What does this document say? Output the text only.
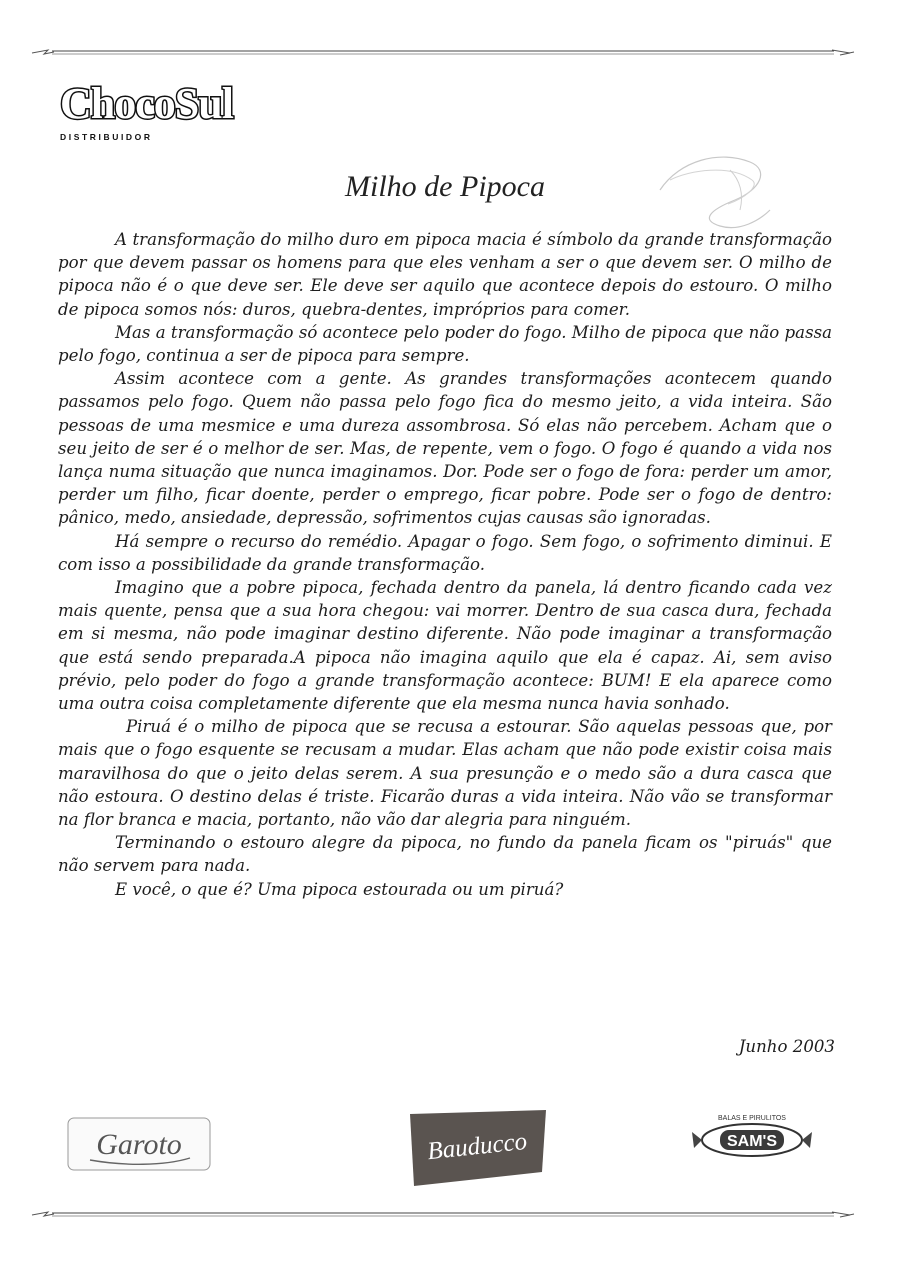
ChocoSul
DISTRIBUIDOR
Milho de Pipoca

A transformação do milho duro em pipoca macia é símbolo da grande transformação por que devem passar os homens para que eles venham a ser o que devem ser. O milho de pipoca não é o que deve ser. Ele deve ser aquilo que acontece depois do estouro. O milho de pipoca somos nós: duros, quebra-dentes, impróprios para comer.

Mas a transformação só acontece pelo poder do fogo. Milho de pipoca que não passa pelo fogo, continua a ser de pipoca para sempre.

Assim acontece com a gente. As grandes transformações acontecem quando passamos pelo fogo. Quem não passa pelo fogo fica do mesmo jeito, a vida inteira. São pessoas de uma mesmice e uma dureza assombrosa. Só elas não percebem. Acham que o seu jeito de ser é o melhor de ser. Mas, de repente, vem o fogo. O fogo é quando a vida nos lança numa situação que nunca imaginamos. Dor. Pode ser o fogo de fora: perder um amor, perder um filho, ficar doente, perder o emprego, ficar pobre. Pode ser o fogo de dentro: pânico, medo, ansiedade, depressão, sofrimentos cujas causas são ignoradas.

Há sempre o recurso do remédio. Apagar o fogo. Sem fogo, o sofrimento diminui. E com isso a possibilidade da grande transformação.

Imagino que a pobre pipoca, fechada dentro da panela, lá dentro ficando cada vez mais quente, pensa que a sua hora chegou: vai morrer. Dentro de sua casca dura, fechada em si mesma, não pode imaginar destino diferente. Não pode imaginar a transformação que está sendo preparada.A pipoca não imagina aquilo que ela é capaz. Ai, sem aviso prévio, pelo poder do fogo a grande transformação acontece: BUM! E ela aparece como uma outra coisa completamente diferente que ela mesma nunca havia sonhado.

Piruá é o milho de pipoca que se recusa a estourar. São aquelas pessoas que, por mais que o fogo esquente se recusam a mudar. Elas acham que não pode existir coisa mais maravilhosa do que o jeito delas serem. A sua presunção e o medo são a dura casca que não estoura. O destino delas é triste. Ficarão duras a vida inteira. Não vão se transformar na flor branca e macia, portanto, não vão dar alegria para ninguém.

Terminando o estouro alegre da pipoca, no fundo da panela ficam os "piruás" que não servem para nada.

E você, o que é? Uma pipoca estourada ou um piruá?

Junho 2003
Garoto	Bauducco	SAM'S
BALAS E PIRULITOS
